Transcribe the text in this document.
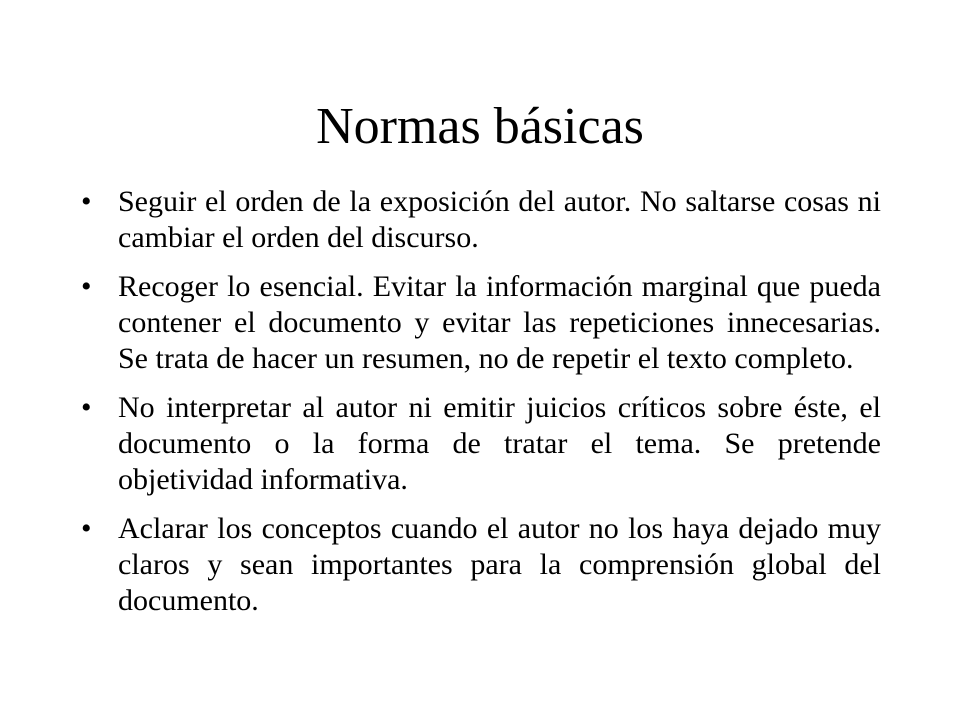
Normas básicas
• Seguir el orden de la exposición del autor. No saltarse cosas ni cambiar el orden del discurso.
• Recoger lo esencial. Evitar la información marginal que pueda contener el documento y evitar las repeticiones innecesarias. Se trata de hacer un resumen, no de repetir el texto completo.
• No interpretar al autor ni emitir juicios críticos sobre éste, el documento o la forma de tratar el tema. Se pretende objetividad informativa.
• Aclarar los conceptos cuando el autor no los haya dejado muy claros y sean importantes para la comprensión global del documento.
